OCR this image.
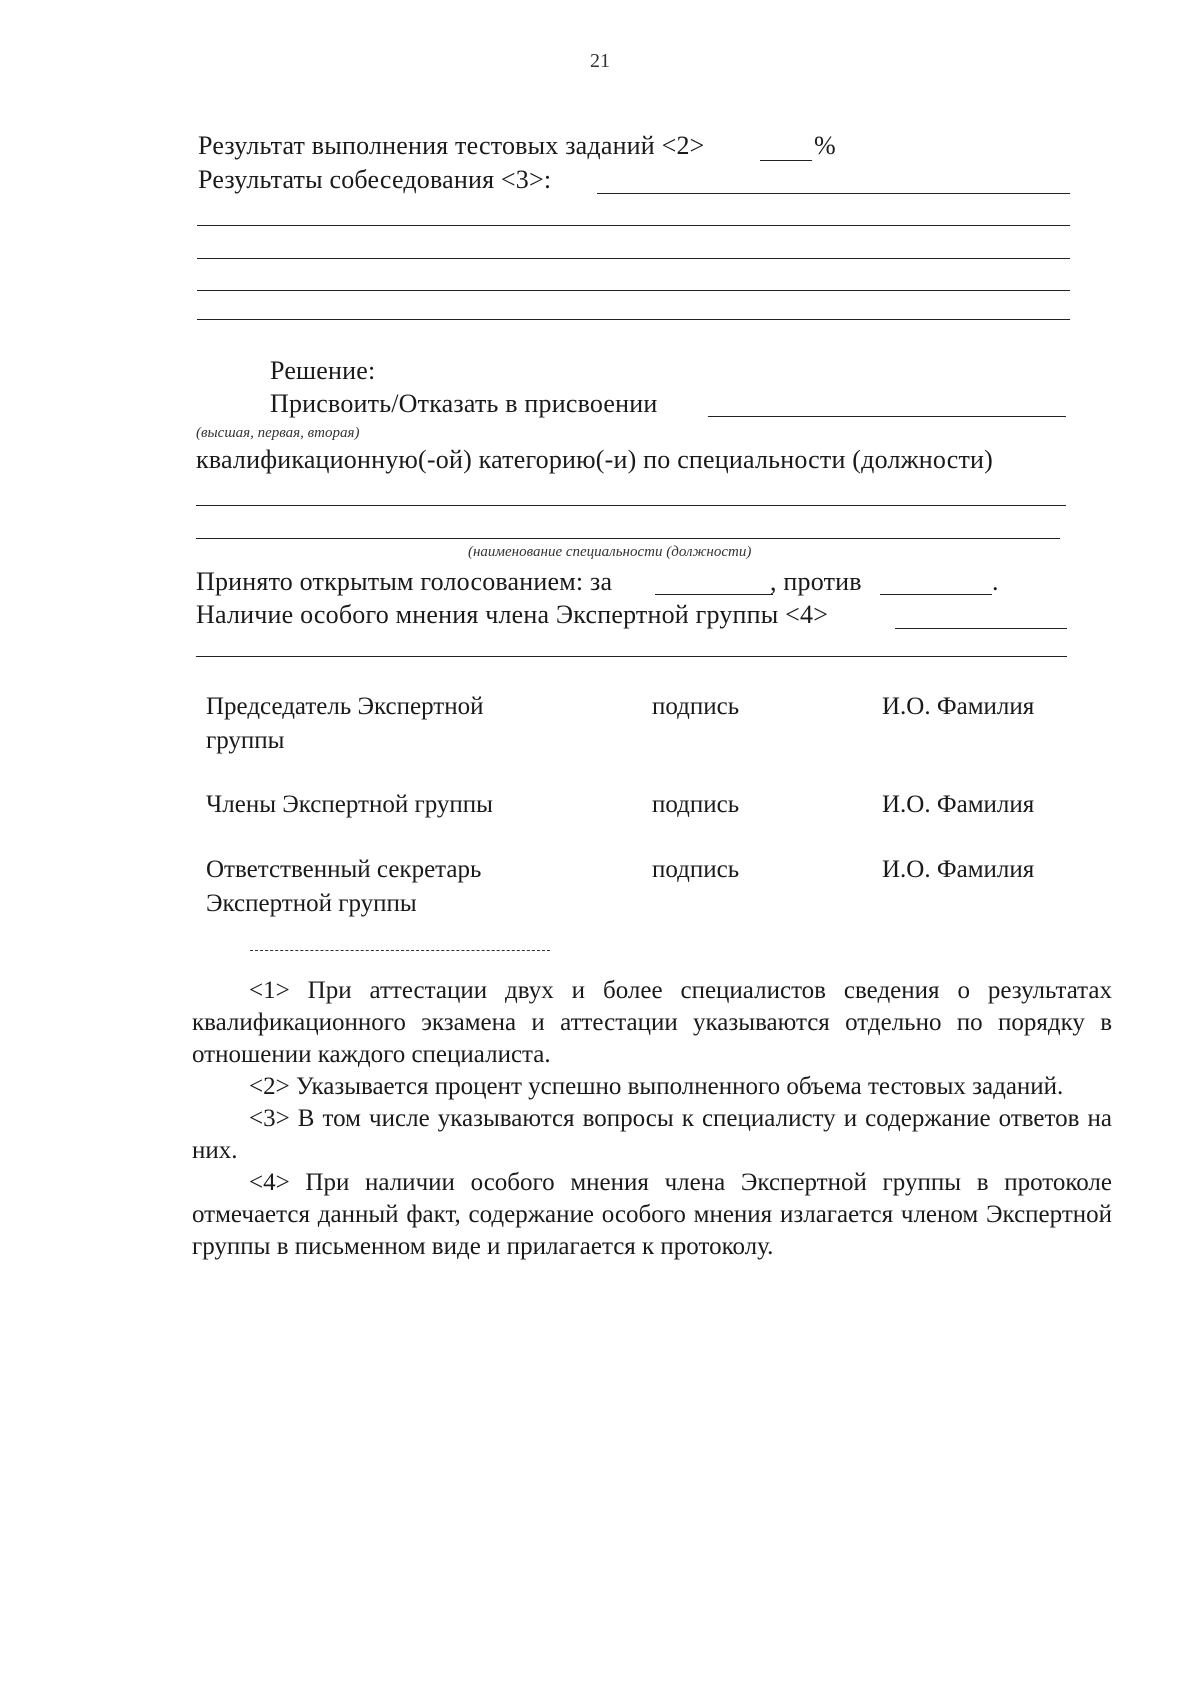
21
Результат выполнения тестовых заданий <2>	%
Результаты собеседования <3>:
Решение:
Присвоить/Отказать в присвоении
(высшая, первая, вторая)
квалификационную(-ой) категорию(-и) по специальности (должности)
(наименование специальности (должности)
Принято открытым голосованием: за	, против	.
Наличие особого мнения члена Экспертной группы <4>
Председатель Экспертной
группы
подпись	И.О. Фамилия
Члены Экспертной группы	подпись	И.О. Фамилия
Ответственный секретарь
Экспертной группы
подпись	И.О. Фамилия

<1> При аттестации двух и более специалистов сведения о результатах квалификационного экзамена и аттестации указываются отдельно по порядку в отношении каждого специалиста.

<2> Указывается процент успешно выполненного объема тестовых заданий.

<3> В том числе указываются вопросы к специалисту и содержание ответов на них.

<4> При наличии особого мнения члена Экспертной группы в протоколе отмечается данный факт, содержание особого мнения излагается членом Экспертной группы в письменном виде и прилагается к протоколу.
